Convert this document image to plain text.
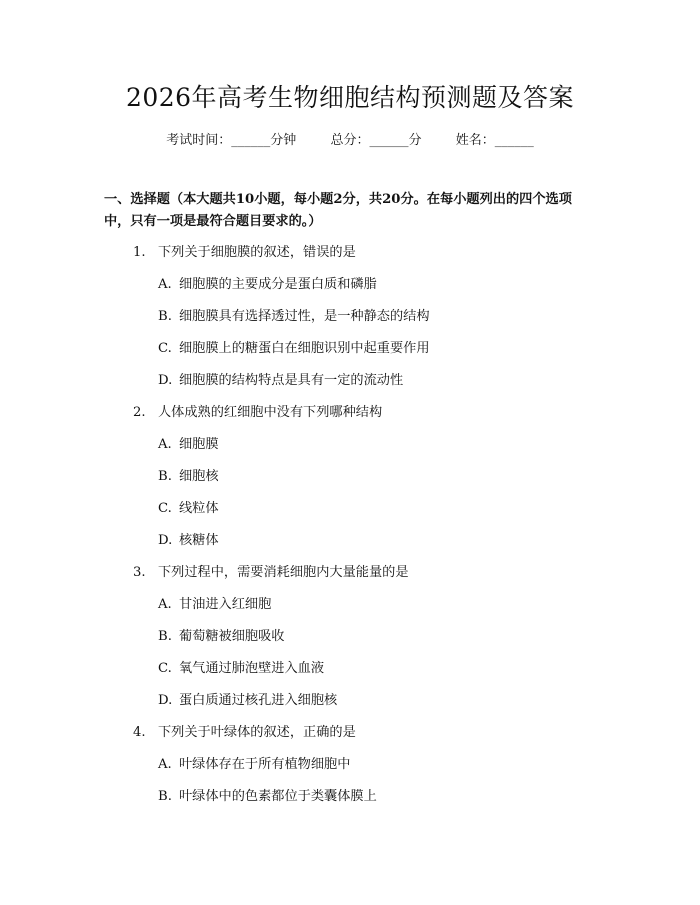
2026年高考生物细胞结构预测题及答案
考试时间：______分钟	总分：______分	姓名：______
一、选择题（本大题共10小题，每小题2分，共20分。在每小题列出的四个选项中，只有一项是最符合题目要求的。）
1. 下列关于细胞膜的叙述，错误的是
A. 细胞膜的主要成分是蛋白质和磷脂
B. 细胞膜具有选择透过性，是一种静态的结构
C. 细胞膜上的糖蛋白在细胞识别中起重要作用
D. 细胞膜的结构特点是具有一定的流动性
2. 人体成熟的红细胞中没有下列哪种结构
A. 细胞膜
B. 细胞核
C. 线粒体
D. 核糖体
3. 下列过程中，需要消耗细胞内大量能量的是
A. 甘油进入红细胞
B. 葡萄糖被细胞吸收
C. 氧气通过肺泡壁进入血液
D. 蛋白质通过核孔进入细胞核
4. 下列关于叶绿体的叙述，正确的是
A. 叶绿体存在于所有植物细胞中
B. 叶绿体中的色素都位于类囊体膜上
